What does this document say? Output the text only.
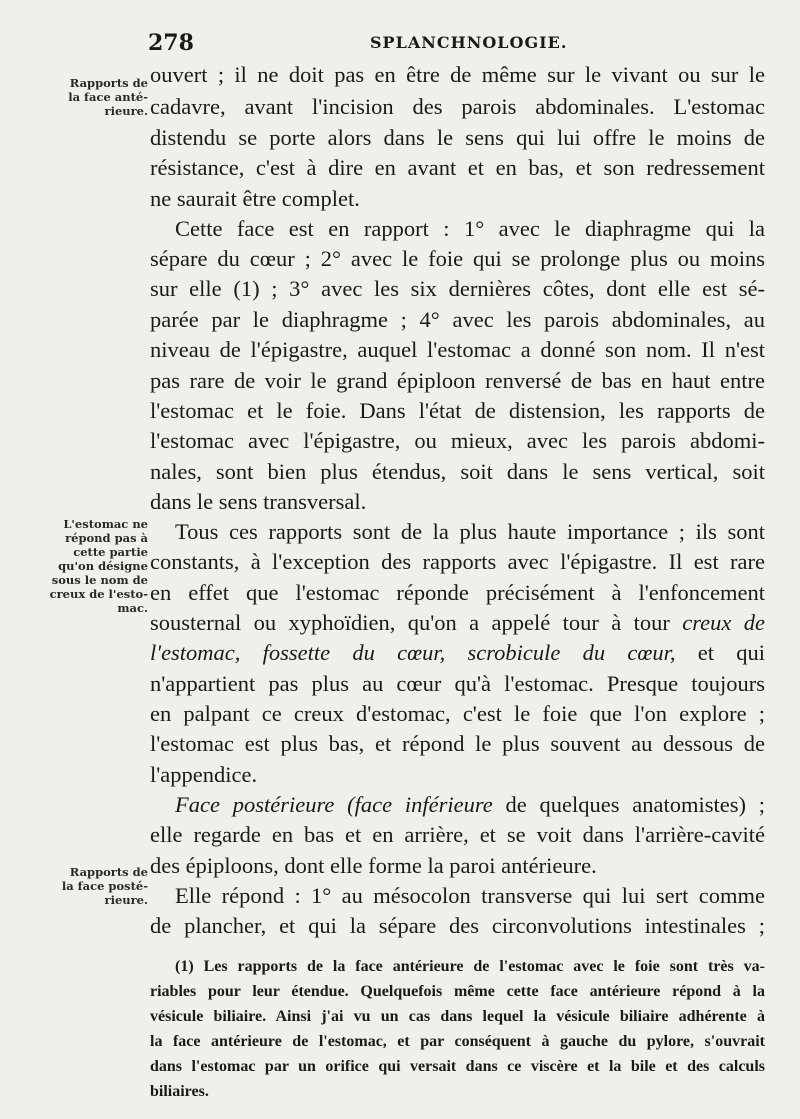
278	SPLANCHNOLOGIE.
Rapports de
la face anté-
rieure.
L'estomac ne
répond pas à
cette partie
qu'on désigne
sous le nom de
creux de l'esto-
mac.
Rapports de
la face posté-
rieure.
ouvert ; il ne doit pas en être de même sur le vivant ou sur le
cadavre, avant l'incision des parois abdominales. L'estomac
distendu se porte alors dans le sens qui lui offre le moins de
résistance, c'est à dire en avant et en bas, et son redressement
ne saurait être complet.
Cette face est en rapport : 1° avec le diaphragme qui la
sépare du cœur ; 2° avec le foie qui se prolonge plus ou moins
sur elle (1) ; 3° avec les six dernières côtes, dont elle est sé-
parée par le diaphragme ; 4° avec les parois abdominales, au
niveau de l'épigastre, auquel l'estomac a donné son nom. Il n'est
pas rare de voir le grand épiploon renversé de bas en haut entre
l'estomac et le foie. Dans l'état de distension, les rapports de
l'estomac avec l'épigastre, ou mieux, avec les parois abdomi-
nales, sont bien plus étendus, soit dans le sens vertical, soit
dans le sens transversal.
Tous ces rapports sont de la plus haute importance ; ils sont
constants, à l'exception des rapports avec l'épigastre. Il est rare
en effet que l'estomac réponde précisément à l'enfoncement
sousternal ou xyphoïdien, qu'on a appelé tour à tour creux de
l'estomac, fossette du cœur, scrobicule du cœur, et qui
n'appartient pas plus au cœur qu'à l'estomac. Presque toujours
en palpant ce creux d'estomac, c'est le foie que l'on explore ;
l'estomac est plus bas, et répond le plus souvent au dessous de
l'appendice.
Face postérieure (face inférieure de quelques anatomistes) ;
elle regarde en bas et en arrière, et se voit dans l'arrière-cavité
des épiploons, dont elle forme la paroi antérieure.
Elle répond : 1° au mésocolon transverse qui lui sert comme
de plancher, et qui la sépare des circonvolutions intestinales ;
(1) Les rapports de la face antérieure de l'estomac avec le foie sont très va-
riables pour leur étendue. Quelquefois même cette face antérieure répond à la
vésicule biliaire. Ainsi j'ai vu un cas dans lequel la vésicule biliaire adhérente à
la face antérieure de l'estomac, et par conséquent à gauche du pylore, s'ouvrait
dans l'estomac par un orifice qui versait dans ce viscère et la bile et des calculs
biliaires.
